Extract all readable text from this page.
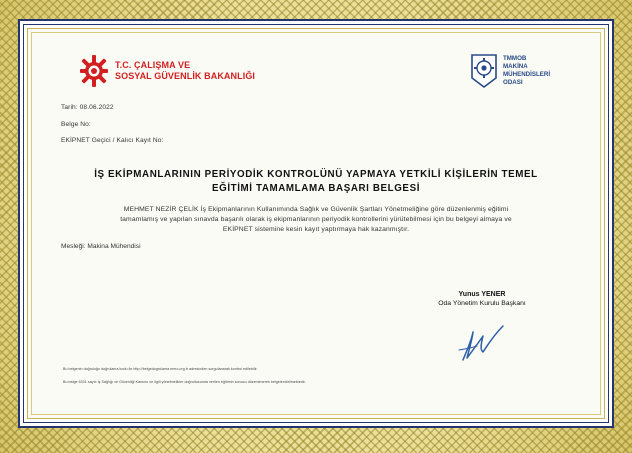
T.C. ÇALIŞMA VE
SOSYAL GÜVENLİK BAKANLIĞI
TMMOB
MAKİNA
MÜHENDİSLERİ
ODASI
Tarih: 08.06.2022
Belge No:
EKİPNET Geçici / Kalıcı Kayıt No:
İŞ EKİPMANLARININ PERİYODİK KONTROLÜNÜ YAPMAYA YETKİLİ KİŞİLERİN TEMEL
EĞİTİMİ TAMAMLAMA BAŞARI BELGESİ
MEHMET NEZİR ÇELİK İş Ekipmanlarının Kullanımında Sağlık ve Güvenlik Şartları Yönetmeliğine göre düzenlenmiş eğitimi
tamamlamış ve yapılan sınavda başarılı olarak iş ekipmanlarının periyodik kontrollerini yürütebilmesi için bu belgeyi almaya ve
EKİPNET sistemine kesin kayıt yaptırmaya hak kazanmıştır.
Mesleği: Makina Mühendisi
Yunus YENER
Oda Yönetim Kurulu Başkanı
Bu belgenin doğruluğu doğrulama kodu ile http://belgedogrulama.mmo.org.tr adresinden sorgulanarak kontrol edilebilir.
Bu belge 6331 sayılı İş Sağlığı ve Güvenliği Kanunu ve ilgili yönetmelikler doğrultusunda verilen eğitimin sonucu düzenlenerek belgelendirilmektedir.
